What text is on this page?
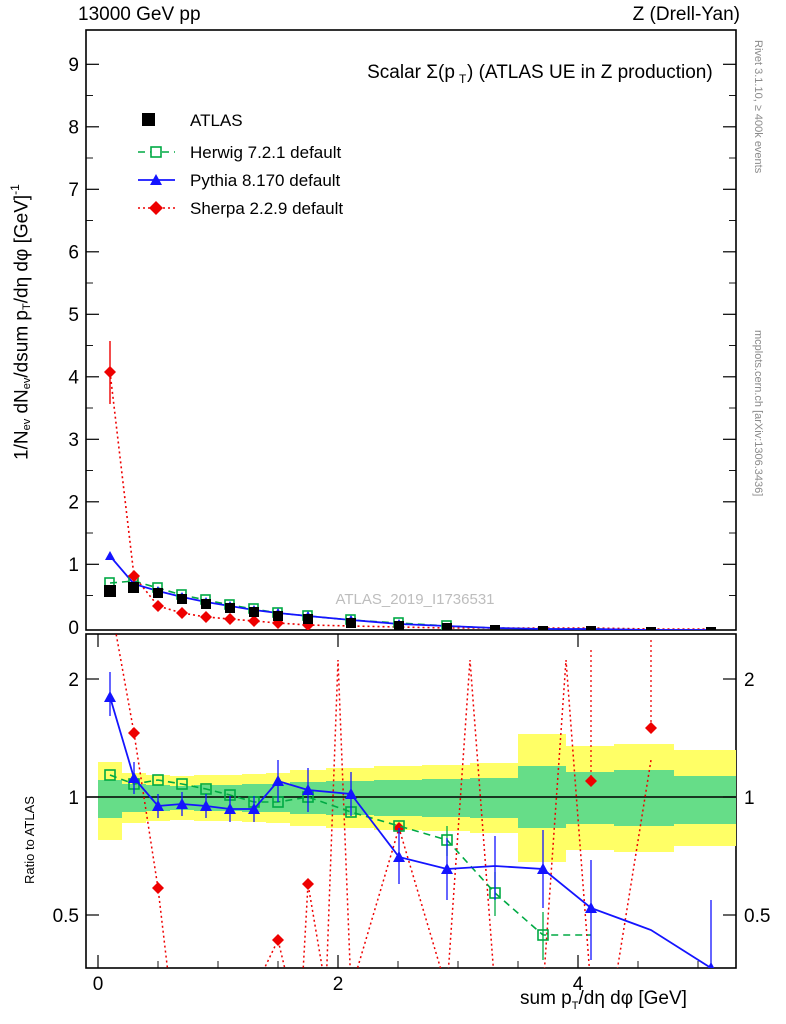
13000 GeV pp	Z (Drell-Yan)
Rivet 3.1.10, ≥ 400k events
mcplots.cern.ch [arXiv:1306.3436]
$1/N_{ev}$ $dN_{ev}$/dsum $p_T/d\eta$ dφ [GeV]$^{-1}$
Ratio to ATLAS
sum $p_T/d\eta$ dφ [GeV]
1
2
3
4
5
6
7
8
9
0
Scalar Σ(p T ) (ATLAS UE in Z production)
ATLAS_2019_I1736531
ATLAS
Herwig 7.2.1 default
Pythia 8.170 default
Sherpa 2.2.9 default
1
0.5
2
1
0.5
2
0	2	4
